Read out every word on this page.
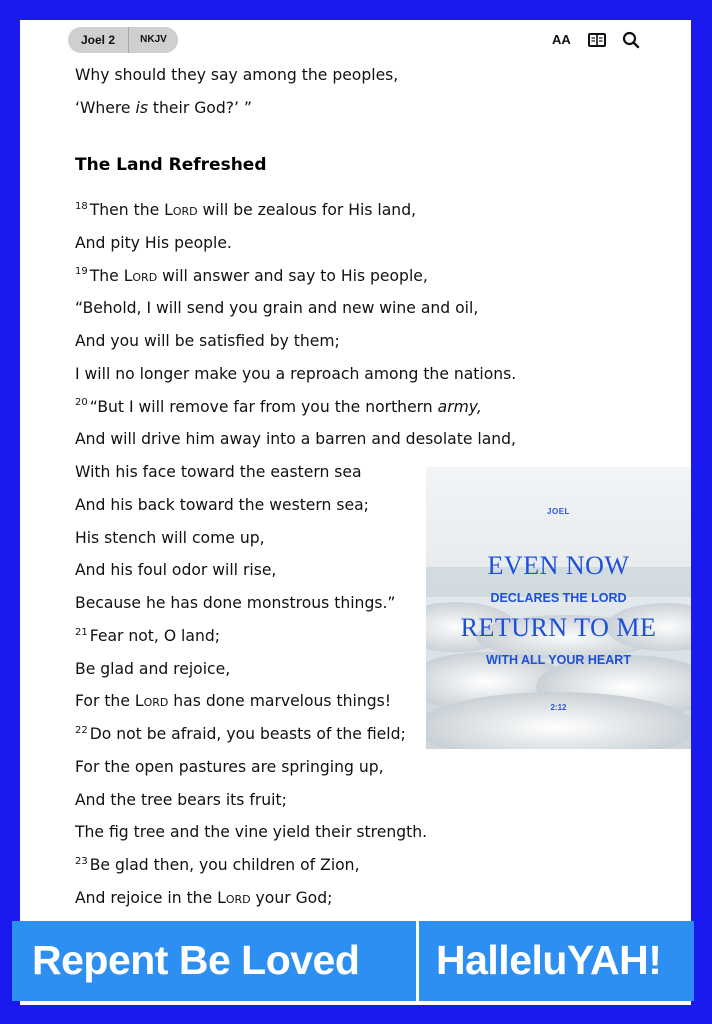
Joel 2	NKJV	AA
Why should they say among the peoples,
‘Where is their God?’ ”
The Land Refreshed
$^{18}$ Then the Lord will be zealous for His land,
And pity His people.
$^{19}$ The Lord will answer and say to His people,
“Behold, I will send you grain and new wine and oil,
And you will be satisfied by them;
I will no longer make you a reproach among the nations.
$^{20}$ “But I will remove far from you the northern army,
And will drive him away into a barren and desolate land,
With his face toward the eastern sea
And his back toward the western sea;
His stench will come up,
And his foul odor will rise,
Because he has done monstrous things.”
$^{21}$ Fear not, O land;
Be glad and rejoice,
For the Lord has done marvelous things!
$^{22}$ Do not be afraid, you beasts of the field;
For the open pastures are springing up,
And the tree bears its fruit;
The fig tree and the vine yield their strength.
$^{23}$ Be glad then, you children of Zion,
And rejoice in the Lord your God;
JOEL
EVEN NOW
DECLARES THE LORD
RETURN TO ME
WITH ALL YOUR HEART
2:12
Repent Be Loved HalleluYAH!
